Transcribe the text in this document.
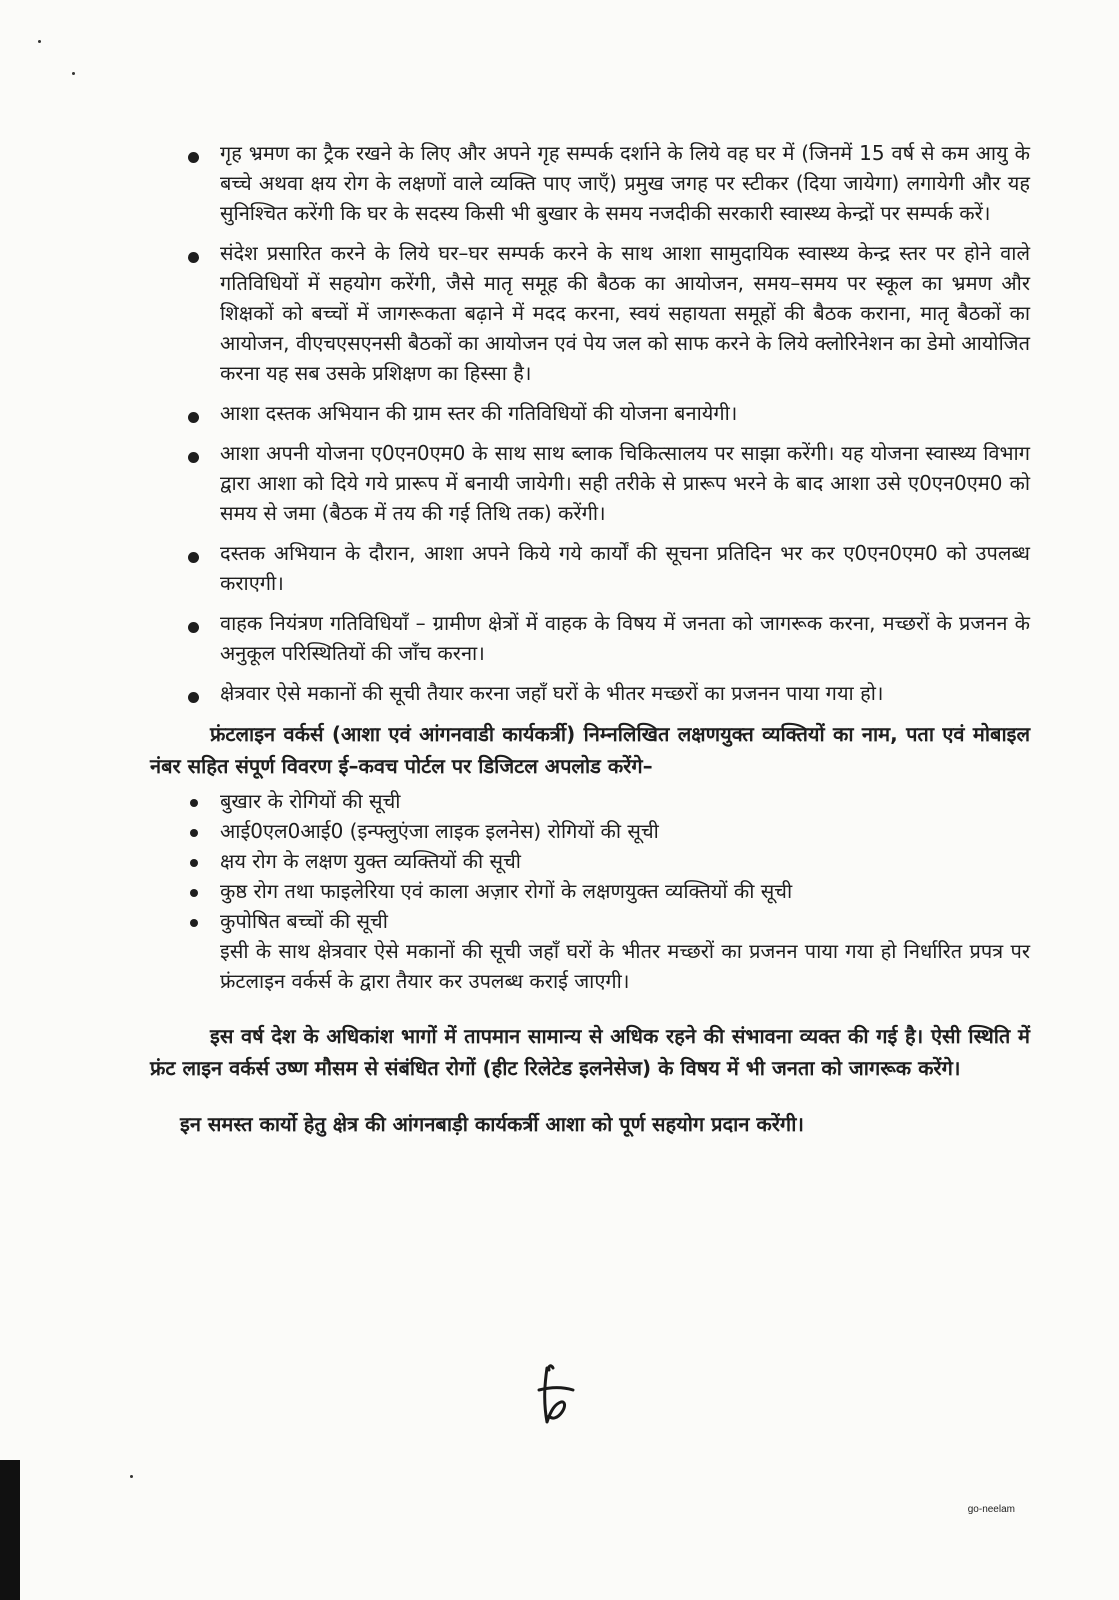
गृह भ्रमण का ट्रैक रखने के लिए और अपने गृह सम्पर्क दर्शाने के लिये वह घर में (जिनमें 15 वर्ष से कम आयु के बच्चे अथवा क्षय रोग के लक्षणों वाले व्यक्ति पाए जाएँ) प्रमुख जगह पर स्टीकर (दिया जायेगा) लगायेगी और यह सुनिश्चित करेंगी कि घर के सदस्य किसी भी बुखार के समय नजदीकी सरकारी स्वास्थ्य केन्द्रों पर सम्पर्क करें।
संदेश प्रसारित करने के लिये घर–घर सम्पर्क करने के साथ आशा सामुदायिक स्वास्थ्य केन्द्र स्तर पर होने वाले गतिविधियों में सहयोग करेंगी, जैसे मातृ समूह की बैठक का आयोजन, समय–समय पर स्कूल का भ्रमण और शिक्षकों को बच्चों में जागरूकता बढ़ाने में मदद करना, स्वयं सहायता समूहों की बैठक कराना, मातृ बैठकों का आयोजन, वीएचएसएनसी बैठकों का आयोजन एवं पेय जल को साफ करने के लिये क्लोरिनेशन का डेमो आयोजित करना यह सब उसके प्रशिक्षण का हिस्सा है।
आशा दस्तक अभियान की ग्राम स्तर की गतिविधियों की योजना बनायेगी।
आशा अपनी योजना ए0एन0एम0 के साथ साथ ब्लाक चिकित्सालय पर साझा करेंगी। यह योजना स्वास्थ्य विभाग द्वारा आशा को दिये गये प्रारूप में बनायी जायेगी। सही तरीके से प्रारूप भरने के बाद आशा उसे ए0एन0एम0 को समय से जमा (बैठक में तय की गई तिथि तक) करेंगी।
दस्तक अभियान के दौरान, आशा अपने किये गये कार्यों की सूचना प्रतिदिन भर कर ए0एन0एम0 को उपलब्ध कराएगी।
वाहक नियंत्रण गतिविधियाँ – ग्रामीण क्षेत्रों में वाहक के विषय में जनता को जागरूक करना, मच्छरों के प्रजनन के अनुकूल परिस्थितियों की जाँच करना।
क्षेत्रवार ऐसे मकानों की सूची तैयार करना जहाँ घरों के भीतर मच्छरों का प्रजनन पाया गया हो।

फ्रंटलाइन वर्कर्स (आशा एवं आंगनवाडी कार्यकर्त्री) निम्नलिखित लक्षणयुक्त व्यक्तियों का नाम, पता एवं मोबाइल नंबर सहित संपूर्ण विवरण ई–कवच पोर्टल पर डिजिटल अपलोड करेंगे–

बुखार के रोगियों की सूची
आई0एल0आई0 (इन्फ्लुएंजा लाइक इलनेस) रोगियों की सूची
क्षय रोग के लक्षण युक्त व्यक्तियों की सूची
कुष्ठ रोग तथा फाइलेरिया एवं काला अज़ार रोगों के लक्षणयुक्त व्यक्तियों की सूची
कुपोषित बच्चों की सूची

इसी के साथ क्षेत्रवार ऐसे मकानों की सूची जहाँ घरों के भीतर मच्छरों का प्रजनन पाया गया हो निर्धारित प्रपत्र पर फ्रंटलाइन वर्कर्स के द्वारा तैयार कर उपलब्ध कराई जाएगी।

इस वर्ष देश के अधिकांश भागों में तापमान सामान्य से अधिक रहने की संभावना व्यक्त की गई है। ऐसी स्थिति में फ्रंट लाइन वर्कर्स उष्ण मौसम से संबंधित रोगों (हीट रिलेटेड इलनेसेज) के विषय में भी जनता को जागरूक करेंगे।

इन समस्त कार्यो हेतु क्षेत्र की आंगनबाड़ी कार्यकर्त्री आशा को पूर्ण सहयोग प्रदान करेंगी।

go-neelam
